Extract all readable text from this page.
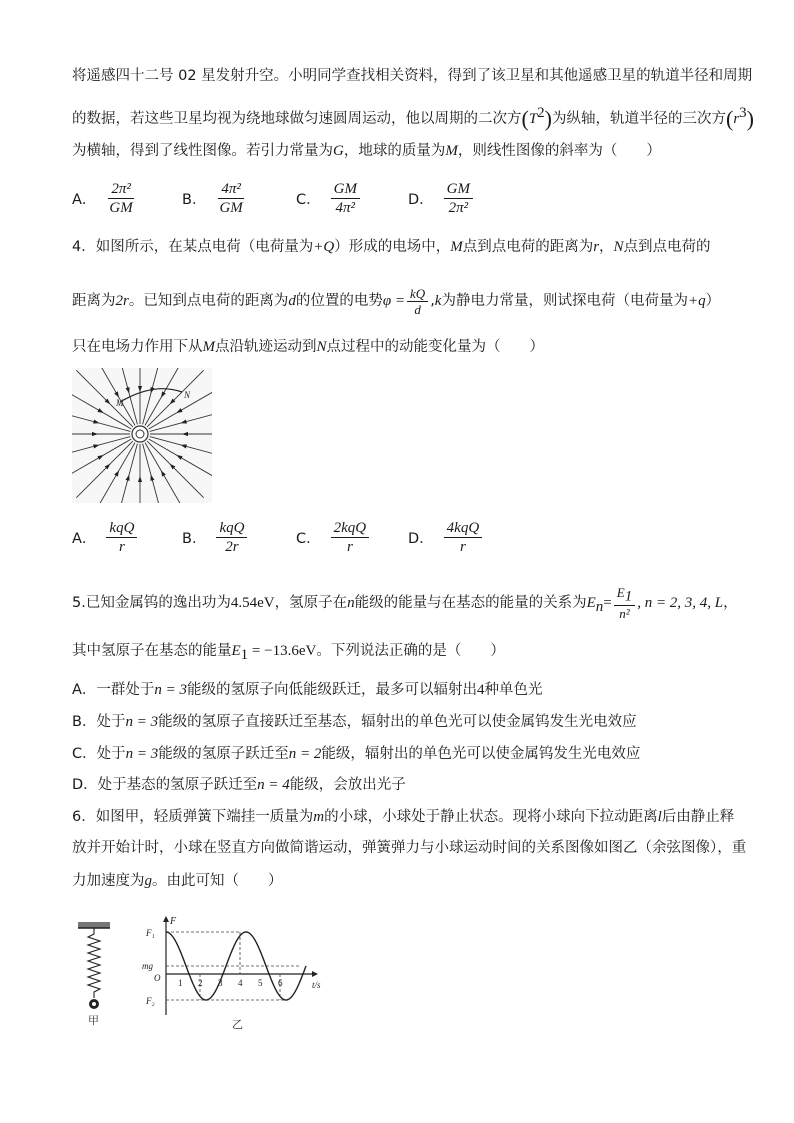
将遥感四十二号 02 星发射升空。小明同学查找相关资料，得到了该卫星和其他遥感卫星的轨道半径和周期
的数据，若这些卫星均视为绕地球做匀速圆周运动，他以周期的二次方$(T^2)$为纵轴，轨道半径的三次方$(r^3)$
为横轴，得到了线性图像。若引力常量为G，地球的质量为M，则线性图像的斜率为（　　）
A． $\frac{\text{2π²}}{GM}$	B． $\frac{\text{4π²}}{GM}$	C． $\frac{GM}{\text{4π²}}$	D． $\frac{GM}{\text{2π²}}$
4．如图所示，在某点电荷（电荷量为+Q）形成的电场中，M点到点电荷的距离为r，N点到点电荷的
距离为2r。已知到点电荷的距离为d的位置的电势$\varphi = \frac{kQ}{d} ,k$为静电力常量，则试探电荷（电荷量为+q）
只在电场力作用下从M点沿轨迹运动到N点过程中的动能变化量为（　　）
M
N
A． $\frac{\text{kqQ}}{r}$	B． $\frac{\text{kqQ}}{2r}$	C． $\frac{\text{2kqQ}}{r}$	D． $\frac{\text{4kqQ}}{r}$
5.已知金属钨的逸出功为4.54eV，氢原子在n能级的能量与在基态的能量的关系为$E_n= \frac{E_1}{\text{n²}}$ , n = 2, 3, 4, L，
其中氢原子在基态的能量$E_1 = -13.6eV$。下列说法正确的是（　　）
A．一群处于n = 3能级的氢原子向低能级跃迁，最多可以辐射出4种单色光
B．处于n = 3能级的氢原子直接跃迁至基态，辐射出的单色光可以使金属钨发生光电效应
C．处于n = 3能级的氢原子跃迁至n = 2能级，辐射出的单色光可以使金属钨发生光电效应
D．处于基态的氢原子跃迁至n = 4能级，会放出光子
6．如图甲，轻质弹簧下端挂一质量为m的小球，小球处于静止状态。现将小球向下拉动距离l后由静止释
放并开始计时，小球在竖直方向做简谐运动，弹簧弹力与小球运动时间的关系图像如图乙（余弦图像），重
力加速度为g。由此可知（　　）
甲
F
t/s
F₁
mg
O
F₂
1 2 3 4 5 6
乙
